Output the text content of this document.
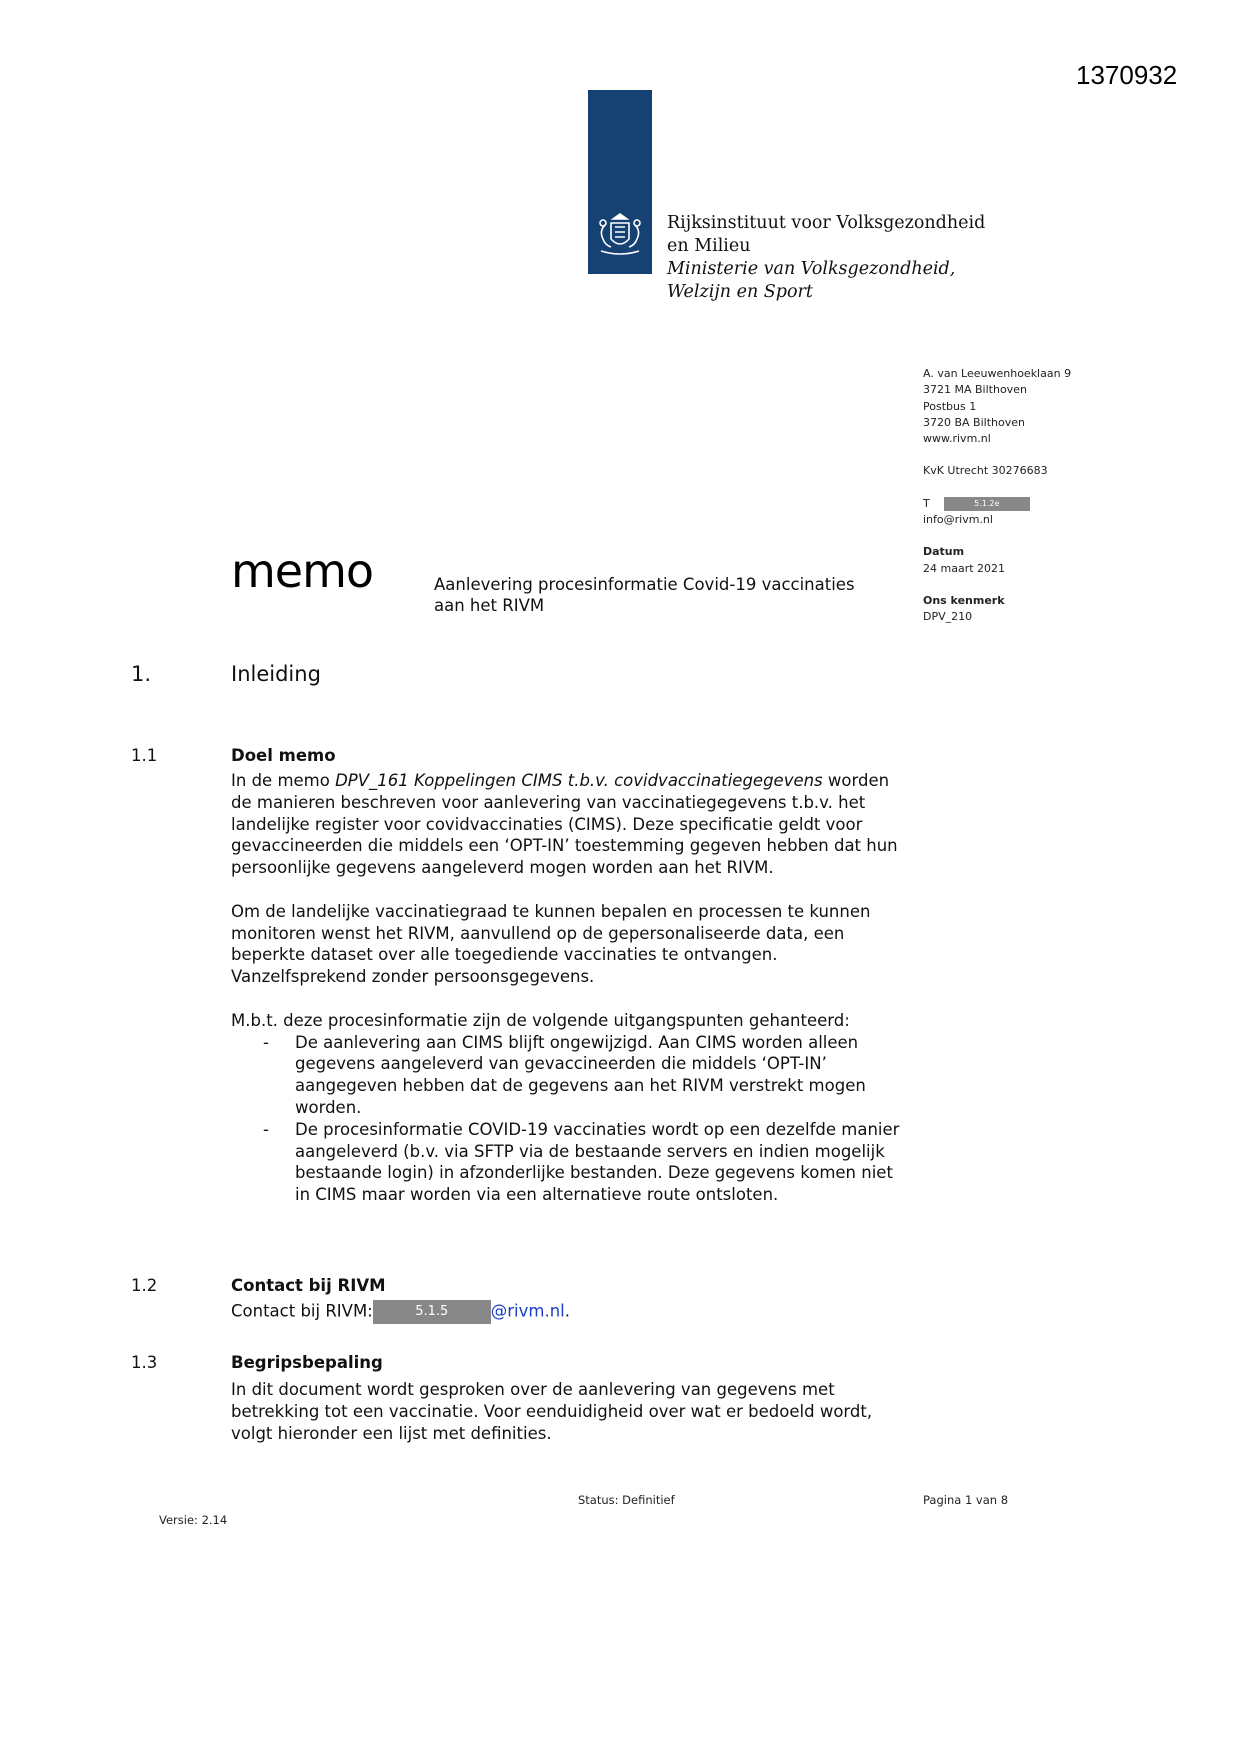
1370932
Rijksinstituut voor Volksgezondheid
en Milieu
Ministerie van Volksgezondheid,
Welzijn en Sport
A. van Leeuwenhoeklaan 9
3721 MA Bilthoven
Postbus 1
3720 BA Bilthoven
www.rivm.nl
KvK Utrecht 30276683
T	5.1.2e
info@rivm.nl
Datum
24 maart 2021
Ons kenmerk
DPV_210
memo	Aanlevering procesinformatie Covid-19 vaccinaties
aan het RIVM
1.	Inleiding
1.1	Doel memo

In de memo DPV_161 Koppelingen CIMS t.b.v. covidvaccinatiegegevens worden de manieren beschreven voor aanlevering van vaccinatiegegevens t.b.v. het landelijke register voor covidvaccinaties (CIMS). Deze specificatie geldt voor gevaccineerden die middels een ‘OPT-IN’ toestemming gegeven hebben dat hun persoonlijke gegevens aangeleverd mogen worden aan het RIVM.

Om de landelijke vaccinatiegraad te kunnen bepalen en processen te kunnen monitoren wenst het RIVM, aanvullend op de gepersonaliseerde data, een beperkte dataset over alle toegediende vaccinaties te ontvangen. Vanzelfsprekend zonder persoonsgegevens.

M.b.t. deze procesinformatie zijn de volgende uitgangspunten gehanteerd:
- De aanlevering aan CIMS blijft ongewijzigd. Aan CIMS worden alleen gegevens aangeleverd van gevaccineerden die middels ‘OPT-IN’ aangegeven hebben dat de gegevens aan het RIVM verstrekt mogen worden.
- De procesinformatie COVID-19 vaccinaties wordt op een dezelfde manier aangeleverd (b.v. via SFTP via de bestaande servers en indien mogelijk bestaande login) in afzonderlijke bestanden. Deze gegevens komen niet in CIMS maar worden via een alternatieve route ontsloten.
1.2	Contact bij RIVM
Contact bij RIVM:	5.1.5	@rivm.nl.
1.3	Begripsbepaling
In dit document wordt gesproken over de aanlevering van gegevens met betrekking tot een vaccinatie. Voor eenduidigheid over wat er bedoeld wordt, volgt hieronder een lijst met definities.
Status: Definitief	Pagina 1 van 8
Versie: 2.14
